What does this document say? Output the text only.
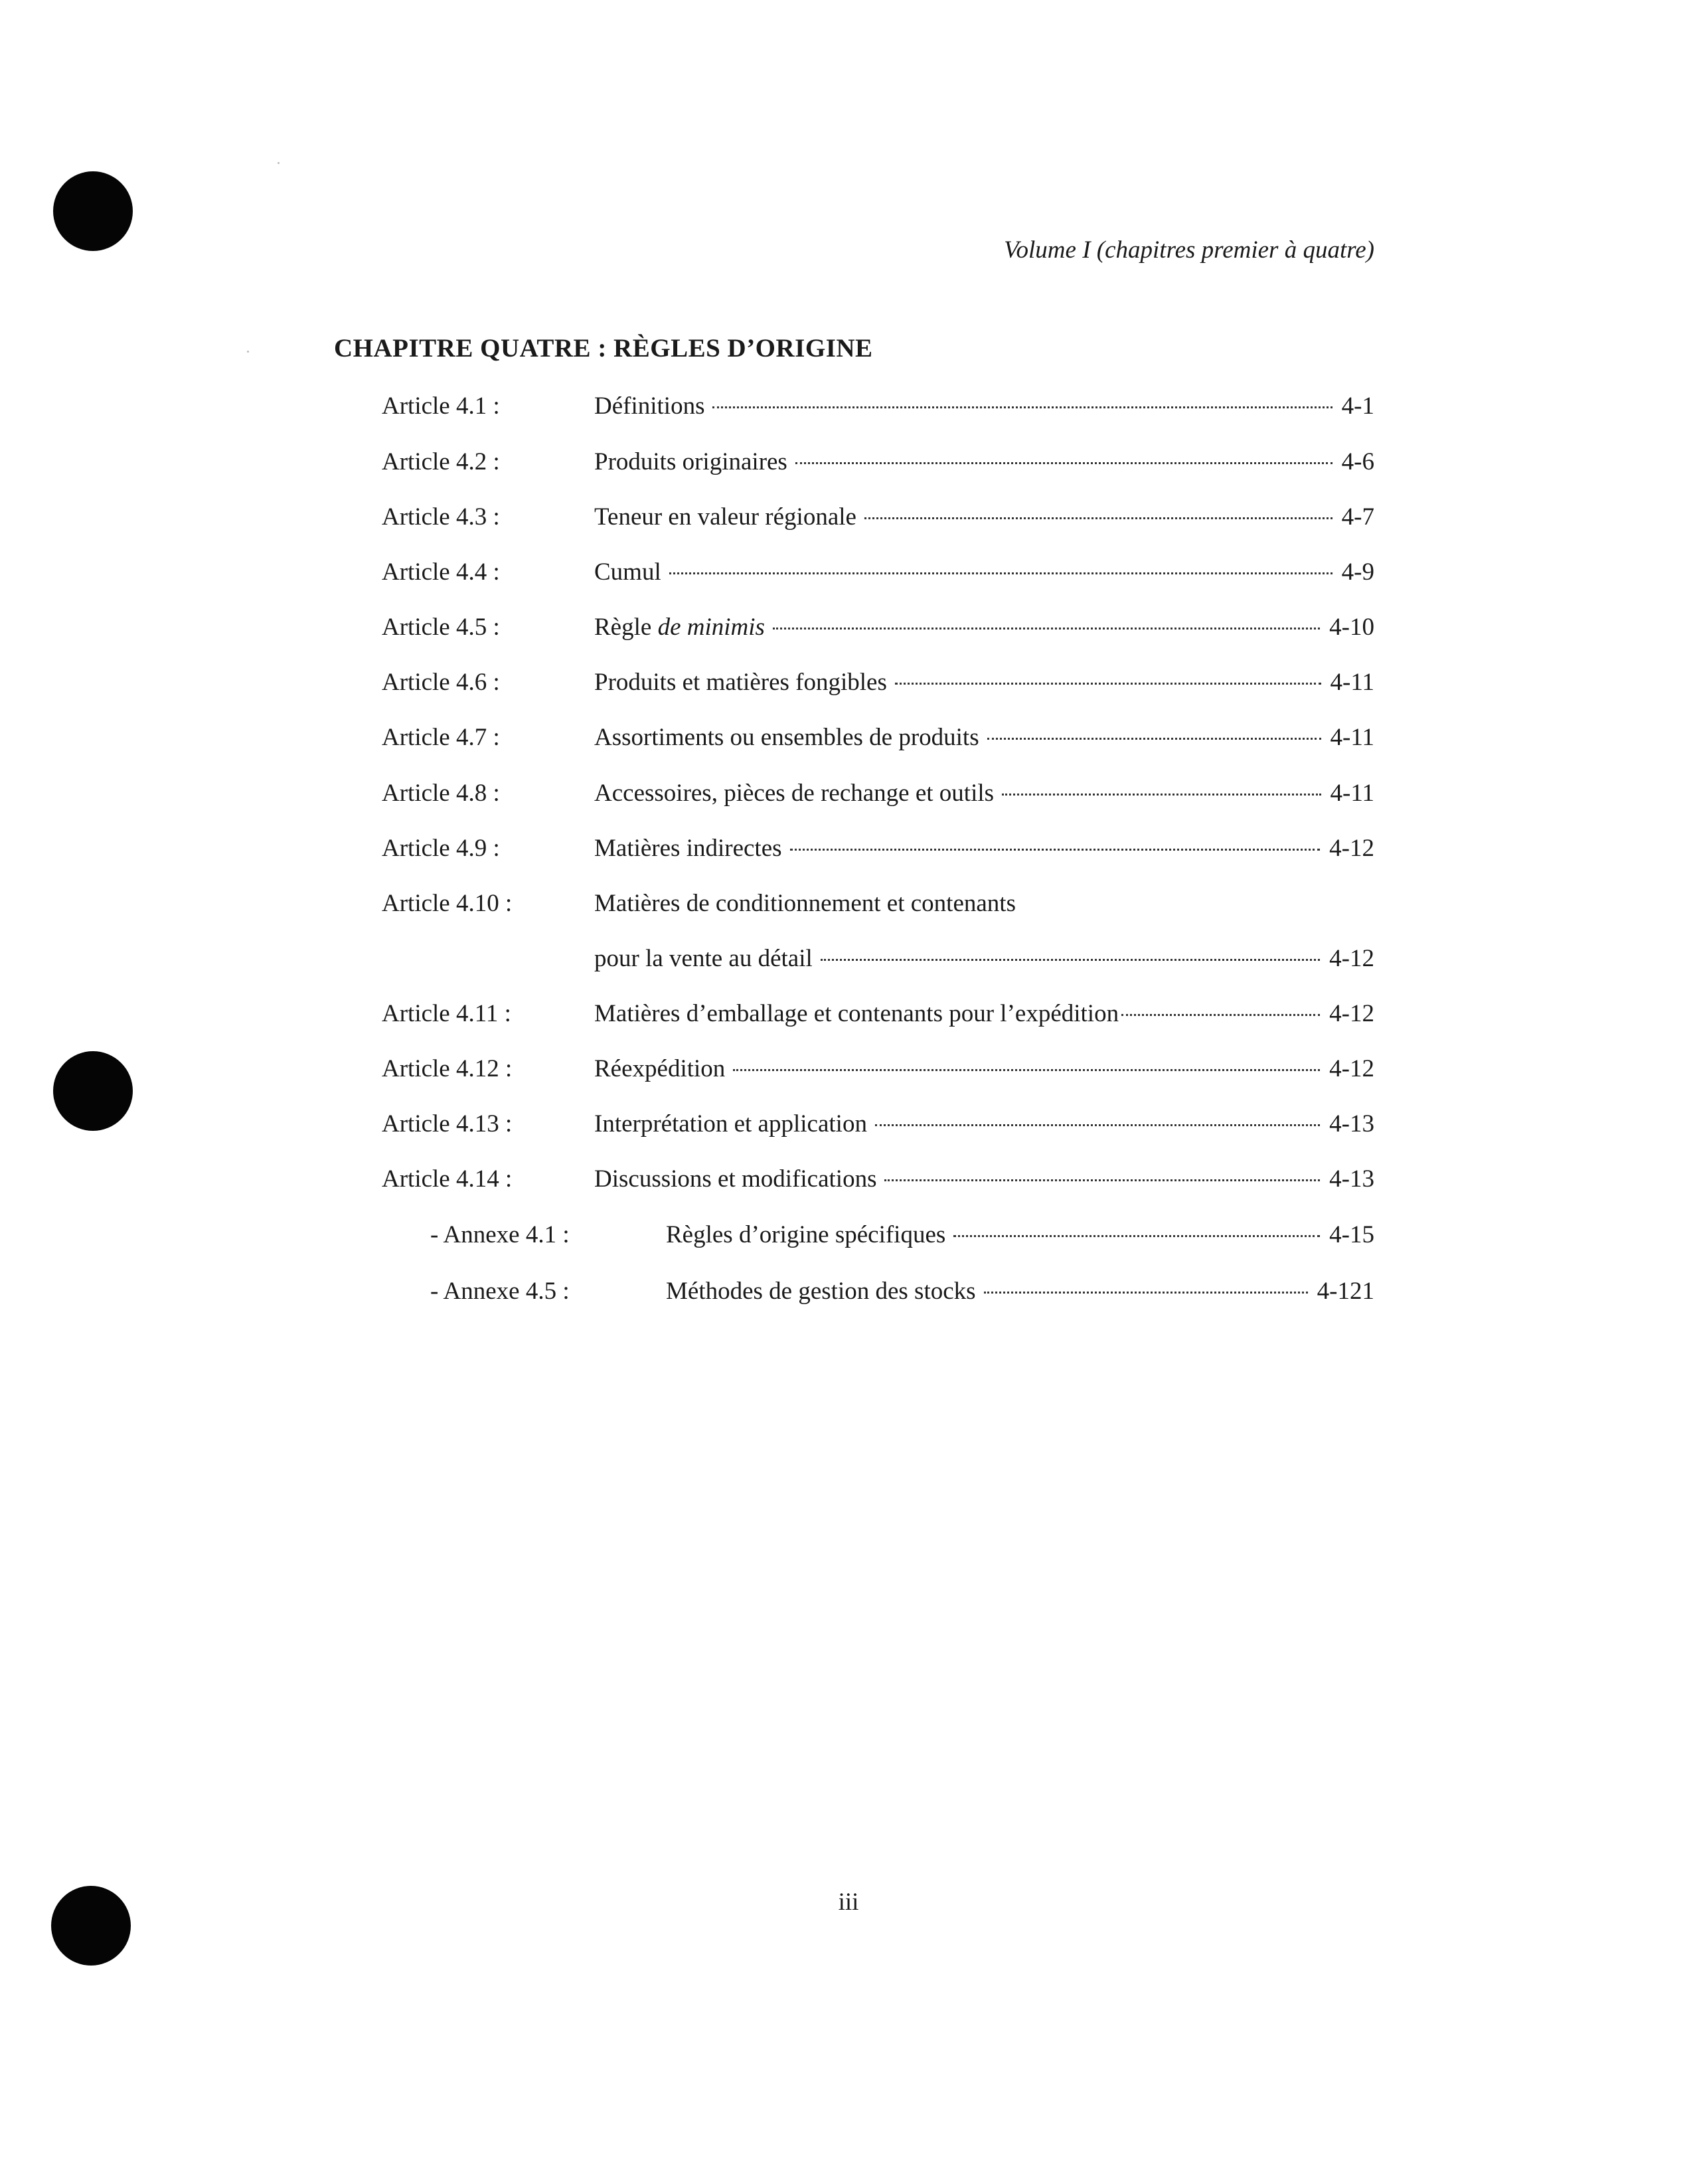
Volume I (chapitres premier à quatre)
CHAPITRE QUATRE : RÈGLES D’ORIGINE
Article 4.1 :	Définitions	4-1
Article 4.2 :	Produits originaires	4-6
Article 4.3 :	Teneur en valeur régionale	4-7
Article 4.4 :	Cumul	4-9
Article 4.5 :	Règle de minimis	4-10
Article 4.6 :	Produits et matières fongibles	4-11
Article 4.7 :	Assortiments ou ensembles de produits	4-11
Article 4.8 :	Accessoires, pièces de rechange et outils	4-11
Article 4.9 :	Matières indirectes	4-12
Article 4.10 :	Matières de conditionnement et contenants
pour la vente au détail	4-12
Article 4.11 :	Matières d’emballage et contenants pour l’expédition	4-12
Article 4.12 :	Réexpédition	4-12
Article 4.13 :	Interprétation et application	4-13
Article 4.14 :	Discussions et modifications	4-13
- Annexe 4.1 :	Règles d’origine spécifiques	4-15
- Annexe 4.5 :	Méthodes de gestion des stocks	4-121
iii
